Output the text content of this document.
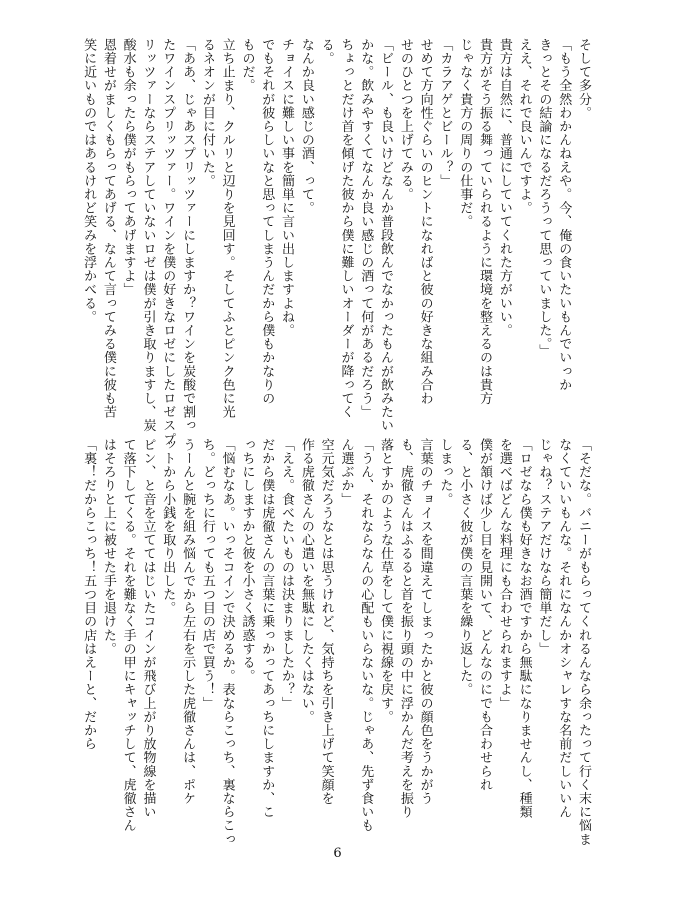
そして多分。
「もう全然わかんねえや。今、俺の食いたいもんでいっか
きっとその結論になるだろうって思っていました。」
ええ、それで良いんですよ。
貴方は自然に、普通にしていてくれた方がいい。
貴方がそう振る舞っていられるように環境を整えるのは貴方
じゃなく貴方の周りの仕事だ。
「カラアゲとビール？」
せめて方向性ぐらいのヒントになればと彼の好きな組み合わ
せのひとつを上げてみる。
「ビール、も良いけどなんか普段飲んでなかったもんが飲みたい
かな。飲みやすくてなんか良い感じの酒って何があるだろう」
ちょっとだけ首を傾げた彼から僕に難しいオーダーが降ってく
る。
なんか良い感じの酒、って。
チョイスに難しい事を簡単に言い出しますよね。
でもそれが彼らしいなと思ってしまうんだから僕もかなりの
ものだ。
立ち止まり、クルリと辺りを見回す。そしてふとピンク色に光
るネオンが目に付いた。
「ああ、じゃあスプリッツァーにしますか？ワインを炭酸で割っ
たワインスプリッツァー。ワインを僕の好きなロゼにしたロゼスプ
リッツァーならステアしていないロゼは僕が引き取りますし、炭
酸水も余ったら僕がもらってあげますよ」
恩着せがましくもらってあげる、なんて言ってみる僕に彼も苦
笑に近いものではあるけれど笑みを浮かべる。
「そだな。バニーがもらってくれるんなら余ったって行く末に悩ま
なくていいもんな。それになんかオシャレすな名前だしいいん
じゃね？ステアだけなら簡単だし」
「ロゼなら僕も好きなお酒ですから無駄になりませんし、種類
を選べばどんな料理にも合わせられますよ」
僕が頷けば少し目を見開いて、どんなのにでも合わせられ
る、と小さく彼が僕の言葉を繰り返した。
しまった。
言葉のチョイスを間違えてしまったかと彼の顔色をうかがう
も、虎徹さんはふるると首を振り頭の中に浮かんだ考えを振り
落とすかのような仕草をして僕に視線を戻す。
「うん、それならなんの心配もいらないな。じゃあ、先ず食いも
ん選ぶか」
空元気だろうなとは思うけれど、気持ちを引き上げて笑顔を
作る虎徹さんの心遣いを無駄にしたくはない。
「ええ。食べたいものは決まりましたか？」
だから僕は虎徹さんの言葉に乗っかってあっちにしますか、こ
っちにしますかと彼を小さく誘惑する。
「悩むなあ。いっそコインで決めるか。表ならこっち、裏ならこっ
ち。どっちに行っても五つ目の店で買う！」
うーんと腕を組み悩んでから左右を示した虎徹さんは、ポケ
ットから小銭を取り出した。
ピン、と音を立ててはじいたコインが飛び上がり放物線を描い
て落下してくる。それを難なく手の甲にキャッチして、虎徹さん
はそろりと上に被せた手を退けた。
「裏！だからこっち！五つ目の店はえーと、だから
6
